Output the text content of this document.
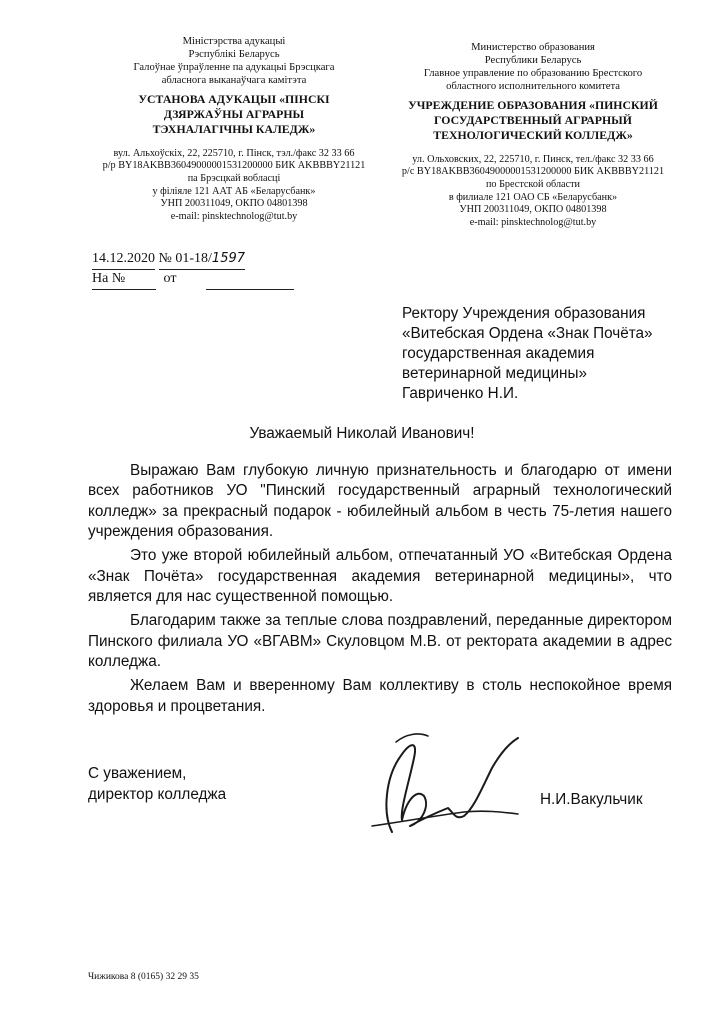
Міністэрства адукацыі
Рэспублікі Беларусь
Галоўнае ўпраўленне па адукацыі Брэсцкага
абласнога выканаўчага камітэта
УСТАНОВА АДУКАЦЫІ «ПІНСКІ
ДЗЯРЖАЎНЫ АГРАРНЫ
ТЭХНАЛАГІЧНЫ КАЛЕДЖ»
вул. Альхоўскіх, 22, 225710, г. Пінск, тэл./факс 32 33 66
р/р BY18AKBB36049000001531200000 БИК AKBBBY21121
па Брэсцкай вобласці
у філіяле 121 ААТ АБ «Беларусбанк»
УНП 200311049, ОКПО 04801398
e-mail: pinsktechnolog@tut.by
Министерство образования
Республики Беларусь
Главное управление по образованию Брестского
областного исполнительного комитета
УЧРЕЖДЕНИЕ ОБРАЗОВАНИЯ «ПИНСКИЙ
ГОСУДАРСТВЕННЫЙ АГРАРНЫЙ
ТЕХНОЛОГИЧЕСКИЙ КОЛЛЕДЖ»
ул. Ольховских, 22, 225710, г. Пинск, тел./факс 32 33 66
р/с BY18AKBB36049000001531200000 БИК AKBBBY21121
по Брестской области
в филиале 121 ОАО СБ «Беларусбанк»
УНП 200311049, ОКПО 04801398
e-mail: pinsktechnolog@tut.by
14.12.2020 № 01-18/1597
На №	от
Ректору Учреждения образования
«Витебская Ордена «Знак Почёта»
государственная академия
ветеринарной медицины»
Гавриченко Н.И.
Уважаемый Николай Иванович!

Выражаю Вам глубокую личную признательность и благодарю от имени всех работников УО "Пинский государственный аграрный технологический колледж» за прекрасный подарок - юбилейный альбом в честь 75-летия нашего учреждения образования.

Это уже второй юбилейный альбом, отпечатанный УО «Витебская Ордена «Знак Почёта» государственная академия ветеринарной медицины», что является для нас существенной помощью.

Благодарим также за теплые слова поздравлений, переданные директором Пинского филиала УО «ВГАВМ» Скуловцом М.В. от ректората академии в адрес колледжа.

Желаем Вам и вверенному Вам коллективу в столь неспокойное время здоровья и процветания.

С уважением,
директор колледжа	Н.И.Вакульчик
Чижикова 8 (0165) 32 29 35
